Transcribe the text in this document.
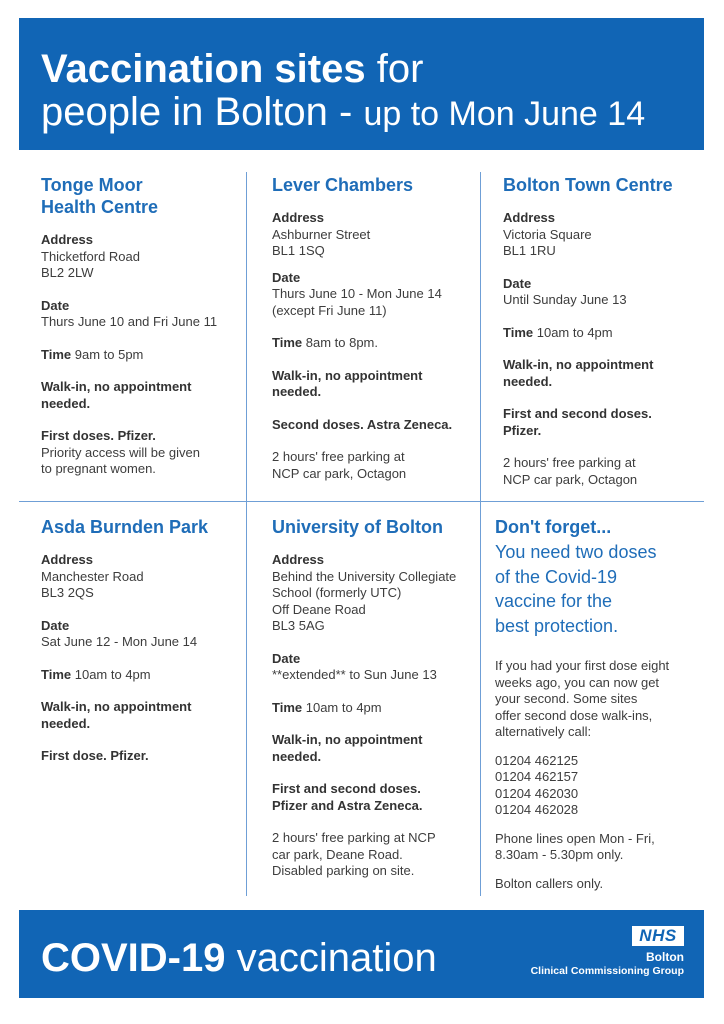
Vaccination sites for
people in Bolton - up to Mon June 14
Tonge Moor
Health Centre
Address
Thicketford Road
BL2 2LW
Date
Thurs June 10 and Fri June 11
Time 9am to 5pm
Walk-in, no appointment
needed.
First doses. Pfizer.
Priority access will be given
to pregnant women.
Lever Chambers
Address
Ashburner Street
BL1 1SQ
Date
Thurs June 10 - Mon June 14
(except Fri June 11)
Time 8am to 8pm.
Walk-in, no appointment
needed.
Second doses. Astra Zeneca.
2 hours' free parking at
NCP car park, Octagon
Bolton Town Centre
Address
Victoria Square
BL1 1RU
Date
Until Sunday June 13
Time 10am to 4pm
Walk-in, no appointment
needed.
First and second doses.
Pfizer.
2 hours' free parking at
NCP car park, Octagon
Asda Burnden Park
Address
Manchester Road
BL3 2QS
Date
Sat June 12 - Mon June 14
Time 10am to 4pm
Walk-in, no appointment
needed.
First dose. Pfizer.
University of Bolton
Address
Behind the University Collegiate
School (formerly UTC)
Off Deane Road
BL3 5AG
Date
**extended** to Sun June 13
Time 10am to 4pm
Walk-in, no appointment
needed.
First and second doses.
Pfizer and Astra Zeneca.
2 hours' free parking at NCP
car park, Deane Road.
Disabled parking on site.
Don't forget...
You need two doses
of the Covid-19
vaccine for the
best protection.
If you had your first dose eight
weeks ago, you can now get
your second. Some sites
offer second dose walk-ins,
alternatively call:
01204 462125
01204 462157
01204 462030
01204 462028
Phone lines open Mon - Fri,
8.30am - 5.30pm only.
Bolton callers only.
COVID-19 vaccination
NHS
Bolton
Clinical Commissioning Group
